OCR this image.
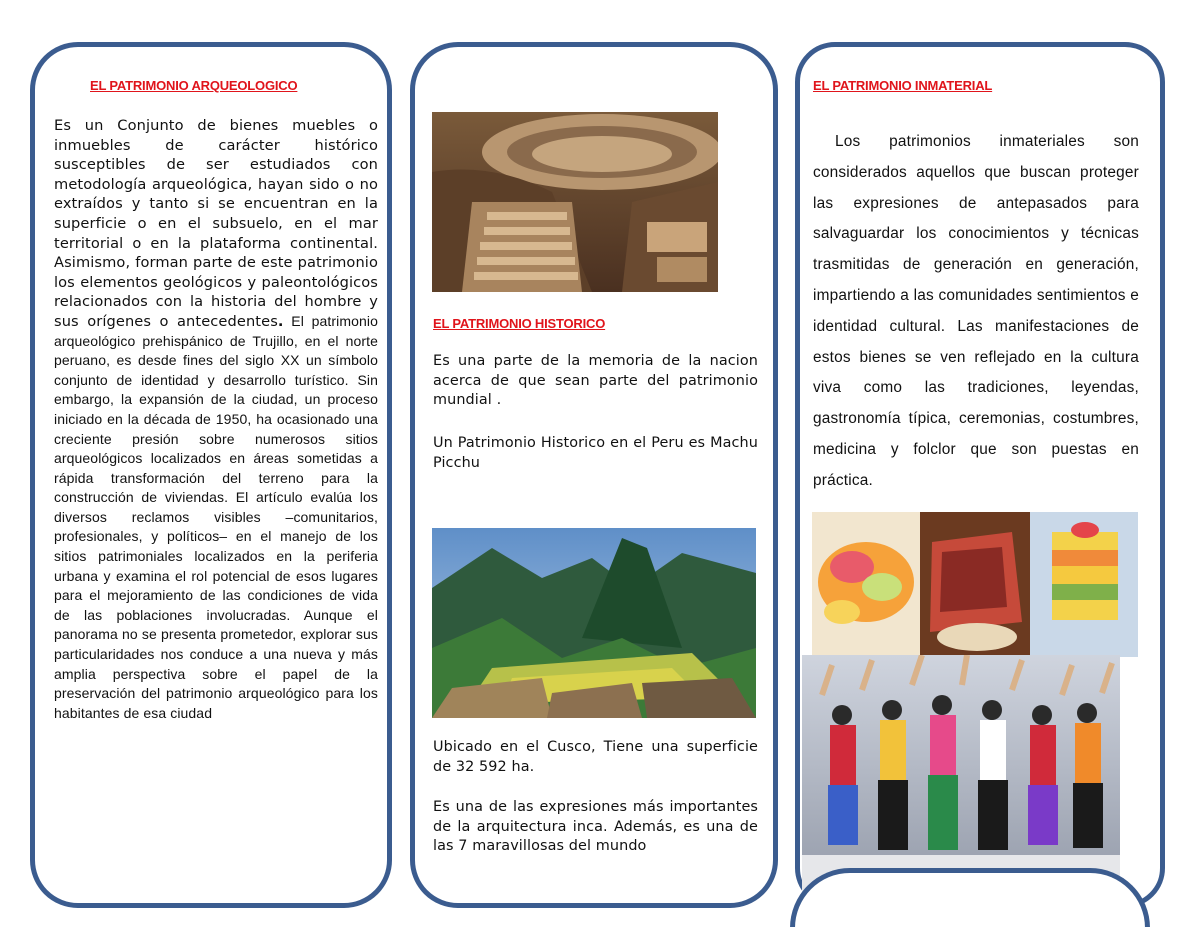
EL PATRIMONIO ARQUEOLOGICO
Es un Conjunto de bienes muebles o inmuebles de carácter histórico susceptibles de ser estudiados con metodología arqueológica, hayan sido o no extraídos y tanto si se encuentran en la superficie o en el subsuelo, en el mar territorial o en la plataforma continental. Asimismo, forman parte de este patrimonio los elementos geológicos y paleontológicos relacionados con la historia del hombre y sus orígenes o antecedentes. El patrimonio arqueológico prehispánico de Trujillo, en el norte peruano, es desde fines del siglo XX un símbolo conjunto de identidad y desarrollo turístico. Sin embargo, la expansión de la ciudad, un proceso iniciado en la década de 1950, ha ocasionado una creciente presión sobre numerosos sitios arqueológicos localizados en áreas sometidas a rápida transformación del terreno para la construcción de viviendas. El artículo evalúa los diversos reclamos visibles –comunitarios, profesionales, y políticos– en el manejo de los sitios patrimoniales localizados en la periferia urbana y examina el rol potencial de esos lugares para el mejoramiento de las condiciones de vida de las poblaciones involucradas. Aunque el panorama no se presenta prometedor, explorar sus particularidades nos conduce a una nueva y más amplia perspectiva sobre el papel de la preservación del patrimonio arqueológico para los habitantes de esa ciudad
EL PATRIMONIO HISTORICO
Es una parte de la memoria de la nacion acerca de que sean parte del patrimonio mundial .
Un Patrimonio Historico en el Peru es Machu Picchu
Ubicado en el Cusco, Tiene una superficie de 32 592 ha.
Es una de las expresiones más importantes de la arquitectura inca. Además, es una de las 7 maravillosas del mundo
EL PATRIMONIO INMATERIAL
Los patrimonios inmateriales son considerados aquellos que buscan proteger las expresiones de antepasados para salvaguardar los conocimientos y técnicas trasmitidas de generación en generación, impartiendo a las comunidades sentimientos e identidad cultural. Las manifestaciones de estos bienes se ven reflejado en la cultura viva como las tradiciones, leyendas, gastronomía típica, ceremonias, costumbres, medicina y folclor que son puestas en práctica.
